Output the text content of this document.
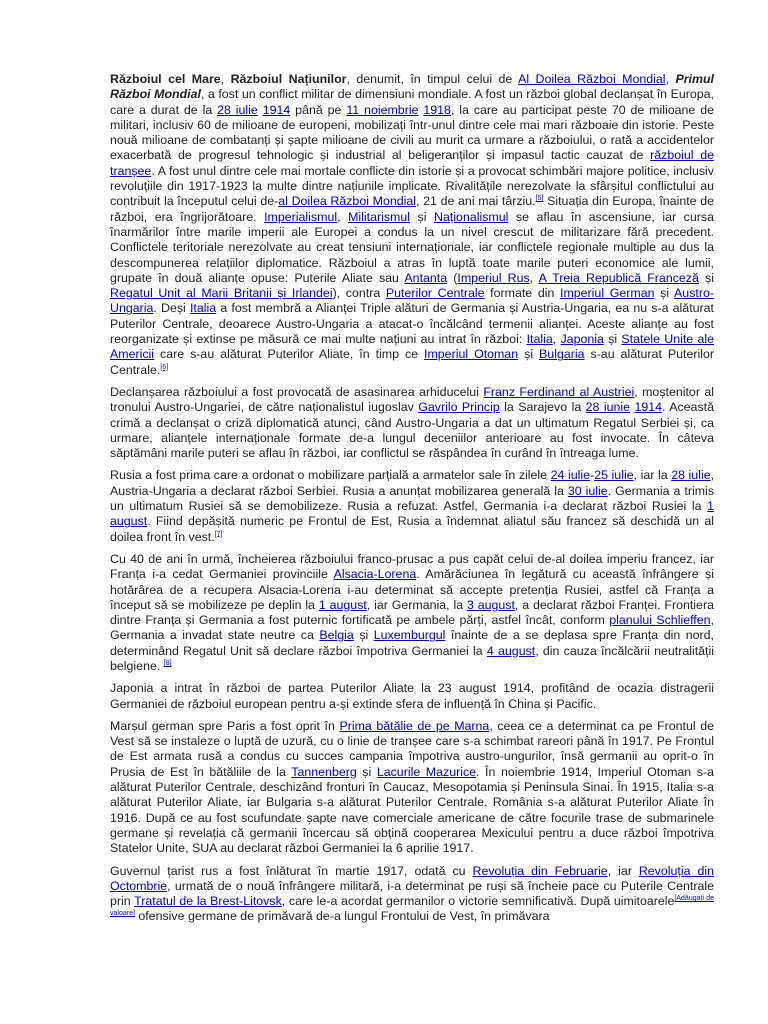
Războiul cel Mare, Războiul Națiunilor, denumit, în timpul celui de Al Doilea Război Mondial, Primul Război Mondial, a fost un conflict militar de dimensiuni mondiale. A fost un război global declanșat în Europa, care a durat de la 28 iulie 1914 până pe 11 noiembrie 1918, la care au participat peste 70 de milioane de militari, inclusiv 60 de milioane de europeni, mobilizați într-unul dintre cele mai mari războaie din istorie. Peste nouă milioane de combatanți și șapte milioane de civili au murit ca urmare a războiului, o rată a accidentelor exacerbată de progresul tehnologic și industrial al beligeranților și impasul tactic cauzat de războiul de tranșee. A fost unul dintre cele mai mortale conflicte din istorie și a provocat schimbări majore politice, inclusiv revoluțiile din 1917-1923 la multe dintre națiunile implicate. Rivalitățile nerezolvate la sfârșitul conflictului au contribuit la începutul celui de-al Doilea Război Mondial, 21 de ani mai târziu.[5] Situația din Europa, înainte de război, era îngrijorătoare. Imperialismul, Militarismul și Naționalismul se aflau în ascensiune, iar cursa înarmărilor între marile imperii ale Europei a condus la un nivel crescut de militarizare fără precedent. Conflictele teritoriale nerezolvate au creat tensiuni internaționale, iar conflictele regionale multiple au dus la descompunerea relațiilor diplomatice. Războiul a atras în luptă toate marile puteri economice ale lumii, grupate în două alianțe opuse: Puterile Aliate sau Antanta (Imperiul Rus, A Treia Republică Franceză și Regatul Unit al Marii Britanii și Irlandei), contra Puterilor Centrale formate din Imperiul German și Austro-Ungaria. Deși Italia a fost membră a Alianței Triple alături de Germania și Austria-Ungaria, ea nu s-a alăturat Puterilor Centrale, deoarece Austro-Ungaria a atacat-o încălcând termenii alianței. Aceste alianțe au fost reorganizate și extinse pe măsură ce mai multe națiuni au intrat în război: Italia, Japonia și Statele Unite ale Americii care s-au alăturat Puterilor Aliate, în timp ce Imperiul Otoman și Bulgaria s-au alăturat Puterilor Centrale.[6]

Declanșarea războiului a fost provocată de asasinarea arhiducelui Franz Ferdinand al Austriei, moștenitor al tronului Austro-Ungariei, de către naționalistul iugoslav Gavrilo Princip la Sarajevo la 28 iunie 1914. Această crimă a declanșat o criză diplomatică atunci, când Austro-Ungaria a dat un ultimatum Regatul Serbiei și, ca urmare, alianțele internaționale formate de-a lungul deceniilor anterioare au fost invocate. În câteva săptămâni marile puteri se aflau în război, iar conflictul se răspândea în curând în întreaga lume.

Rusia a fost prima care a ordonat o mobilizare parțială a armatelor sale în zilele 24 iulie-25 iulie, iar la 28 iulie, Austria-Ungaria a declarat război Serbiei. Rusia a anunțat mobilizarea generală la 30 iulie. Germania a trimis un ultimatum Rusiei să se demobilizeze. Rusia a refuzat. Astfel, Germania i-a declarat război Rusiei la 1 august. Fiind depășită numeric pe Frontul de Est, Rusia a îndemnat aliatul său francez să deschidă un al doilea front în vest.[7]

Cu 40 de ani în urmă, încheierea războiului franco-prusac a pus capăt celui de-al doilea imperiu francez, iar Franța i-a cedat Germaniei provinciile Alsacia-Lorena. Amărăciunea în legătură cu această înfrângere și hotărârea de a recupera Alsacia-Lorena i-au determinat să accepte pretenția Rusiei, astfel că Franța a început să se mobilizeze pe deplin la 1 august, iar Germania, la 3 august, a declarat război Franței. Frontiera dintre Franța și Germania a fost puternic fortificată pe ambele părți, astfel încât, conform planului Schlieffen, Germania a invadat state neutre ca Belgia și Luxemburgul înainte de a se deplasa spre Franța din nord, determinând Regatul Unit să declare război împotriva Germaniei la 4 august, din cauza încălcării neutralității belgiene. [8]

Japonia a intrat în război de partea Puterilor Aliate la 23 august 1914, profitând de ocazia distragerii Germaniei de războiul european pentru a-și extinde sfera de influență în China și Pacific.

Marșul german spre Paris a fost oprit în Prima bătălie de pe Marna, ceea ce a determinat ca pe Frontul de Vest să se instaleze o luptă de uzură, cu o linie de tranșee care s-a schimbat rareori până în 1917. Pe Frontul de Est armata rusă a condus cu succes campania împotriva austro-ungurilor, însă germanii au oprit-o în Prusia de Est în bătăliile de la Tannenberg și Lacurile Mazurice. În noiembrie 1914, Imperiul Otoman s-a alăturat Puterilor Centrale, deschizând fronturi în Caucaz, Mesopotamia și Peninsula Sinai. În 1915, Italia s-a alăturat Puterilor Aliate, iar Bulgaria s-a alăturat Puterilor Centrale. România s-a alăturat Puterilor Aliate în 1916. După ce au fost scufundate șapte nave comerciale americane de către focurile trase de submarinele germane și revelația că germanii încercau să obțină cooperarea Mexicului pentru a duce război împotriva Statelor Unite, SUA au declarat război Germaniei la 6 aprilie 1917.

Guvernul țarist rus a fost înlăturat în martie 1917, odată cu Revoluția din Februarie, iar Revoluția din Octombrie, urmată de o nouă înfrângere militară, i-a determinat pe ruși să încheie pace cu Puterile Centrale prin Tratatul de la Brest-Litovsk, care le-a acordat germanilor o victorie semnificativă. După uimitoarele[Adăugați de valoare] ofensive germane de primăvară de-a lungul Frontului de Vest, în primăvara
